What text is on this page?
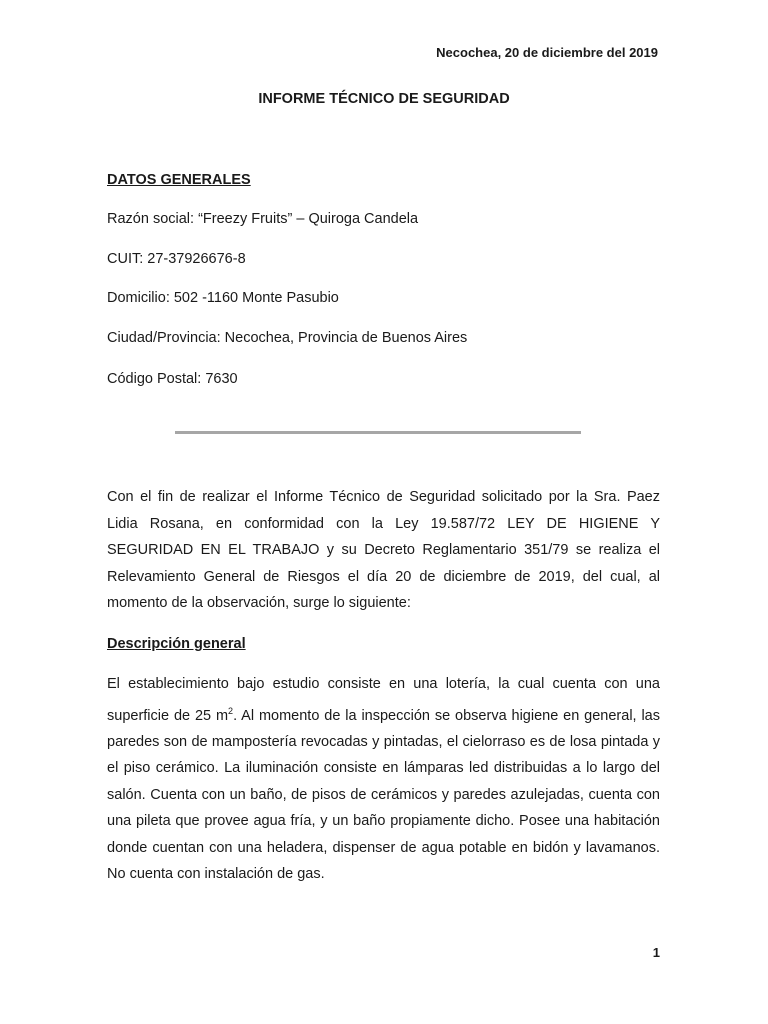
Necochea, 20 de diciembre del 2019
INFORME TÉCNICO DE SEGURIDAD
DATOS GENERALES
Razón social: “Freezy Fruits” – Quiroga Candela
CUIT: 27-37926676-8
Domicilio: 502 -1160 Monte Pasubio
Ciudad/Provincia: Necochea, Provincia de Buenos Aires
Código Postal: 7630
Con el fin de realizar el Informe Técnico de Seguridad solicitado por la Sra. Paez Lidia Rosana, en conformidad con la Ley 19.587/72 LEY DE HIGIENE Y SEGURIDAD EN EL TRABAJO y su Decreto Reglamentario 351/79 se realiza el Relevamiento General de Riesgos el día 20 de diciembre de 2019, del cual, al momento de la observación, surge lo siguiente:
Descripción general
El establecimiento bajo estudio consiste en una lotería, la cual cuenta con una superficie de 25 $m^2$. Al momento de la inspección se observa higiene en general, las paredes son de mampostería revocadas y pintadas, el cielorraso es de losa pintada y el piso cerámico. La iluminación consiste en lámparas led distribuidas a lo largo del salón. Cuenta con un baño, de pisos de cerámicos y paredes azulejadas, cuenta con una pileta que provee agua fría, y un baño propiamente dicho. Posee una habitación donde cuentan con una heladera, dispenser de agua potable en bidón y lavamanos. No cuenta con instalación de gas.
1
